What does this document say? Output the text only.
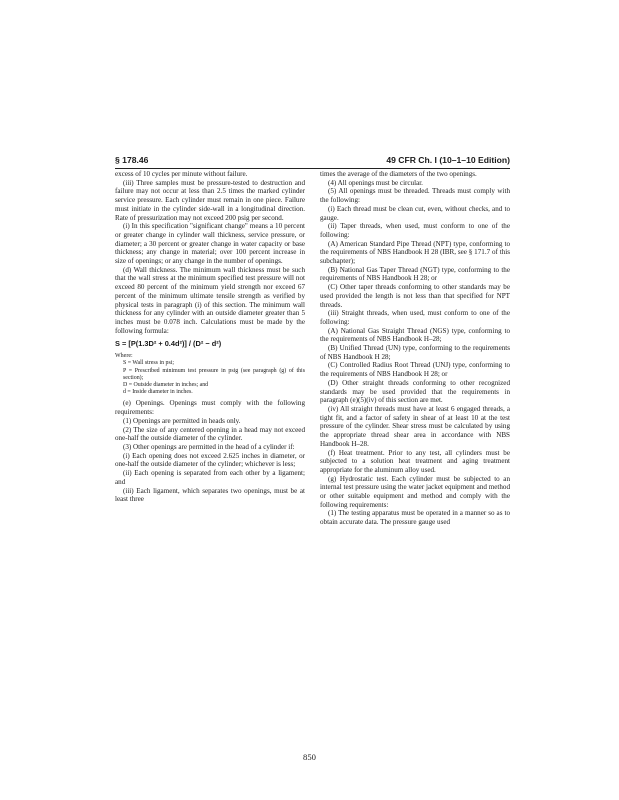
§ 178.46	49 CFR Ch. I (10–1–10 Edition)

excess of 10 cycles per minute without failure.

(iii) Three samples must be pressure-tested to destruction and failure may not occur at less than 2.5 times the marked cylinder service pressure. Each cylinder must remain in one piece. Failure must initiate in the cylinder side-wall in a longitudinal direction. Rate of pressurization may not exceed 200 psig per second.

(i) In this specification "significant change" means a 10 percent or greater change in cylinder wall thickness, service pressure, or diameter; a 30 percent or greater change in water capacity or base thickness; any change in material; over 100 percent increase in size of openings; or any change in the number of openings.

(d) Wall thickness. The minimum wall thickness must be such that the wall stress at the minimum specified test pressure will not exceed 80 percent of the minimum yield strength nor exceed 67 percent of the minimum ultimate tensile strength as verified by physical tests in paragraph (i) of this section. The minimum wall thickness for any cylinder with an outside diameter greater than 5 inches must be 0.078 inch. Calculations must be made by the following formula:

S = [P(1.3D² + 0.4d²)] / (D² − d²)

Where:

S = Wall stress in psi;

P = Prescribed minimum test pressure in psig (see paragraph (g) of this section);

D = Outside diameter in inches; and

d = Inside diameter in inches.

(e) Openings. Openings must comply with the following requirements:

(1) Openings are permitted in heads only.

(2) The size of any centered opening in a head may not exceed one-half the outside diameter of the cylinder.

(3) Other openings are permitted in the head of a cylinder if:

(i) Each opening does not exceed 2.625 inches in diameter, or one-half the outside diameter of the cylinder; whichever is less;

(ii) Each opening is separated from each other by a ligament; and

(iii) Each ligament, which separates two openings, must be at least three

times the average of the diameters of the two openings.

(4) All openings must be circular.

(5) All openings must be threaded. Threads must comply with the following:

(i) Each thread must be clean cut, even, without checks, and to gauge.

(ii) Taper threads, when used, must conform to one of the following:

(A) American Standard Pipe Thread (NPT) type, conforming to the requirements of NBS Handbook H 28 (IBR, see § 171.7 of this subchapter);

(B) National Gas Taper Thread (NGT) type, conforming to the requirements of NBS Handbook H 28; or

(C) Other taper threads conforming to other standards may be used provided the length is not less than that specified for NPT threads.

(iii) Straight threads, when used, must conform to one of the following:

(A) National Gas Straight Thread (NGS) type, conforming to the requirements of NBS Handbook H–28;

(B) Unified Thread (UN) type, conforming to the requirements of NBS Handbook H 28;

(C) Controlled Radius Root Thread (UNJ) type, conforming to the requirements of NBS Handbook H 28; or

(D) Other straight threads conforming to other recognized standards may be used provided that the requirements in paragraph (e)(5)(iv) of this section are met.

(iv) All straight threads must have at least 6 engaged threads, a tight fit, and a factor of safety in shear of at least 10 at the test pressure of the cylinder. Shear stress must be calculated by using the appropriate thread shear area in accordance with NBS Handbook H–28.

(f) Heat treatment. Prior to any test, all cylinders must be subjected to a solution heat treatment and aging treatment appropriate for the aluminum alloy used.

(g) Hydrostatic test. Each cylinder must be subjected to an internal test pressure using the water jacket equipment and method or other suitable equipment and method and comply with the following requirements:

(1) The testing apparatus must be operated in a manner so as to obtain accurate data. The pressure gauge used

850
